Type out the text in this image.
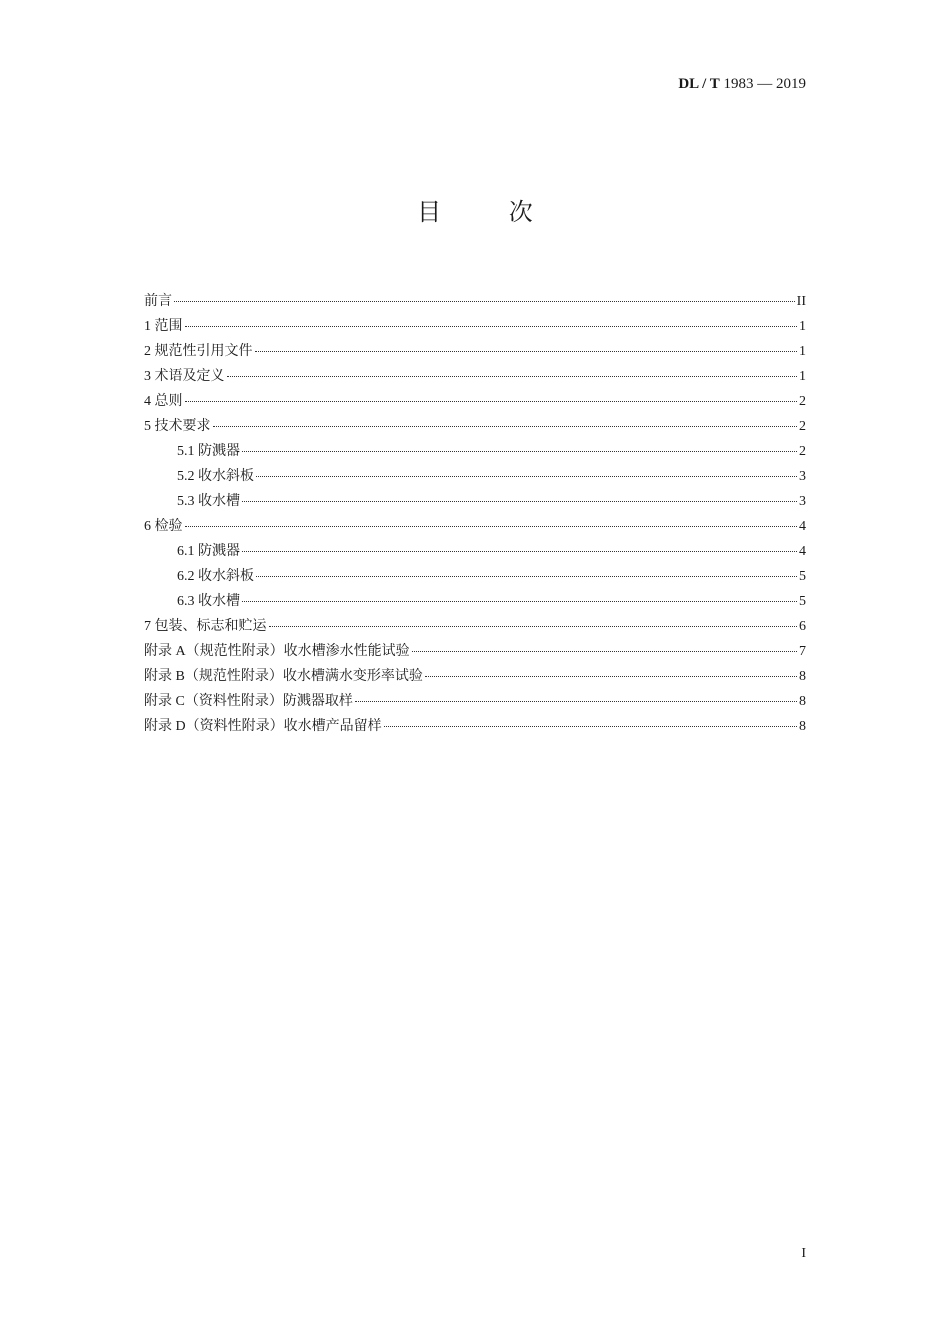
DL / T 1983 — 2019
目 次
前言	II
1 范围	1
2 规范性引用文件	1
3 术语及定义	1
4 总则	2
5 技术要求	2
5.1 防溅器	2
5.2 收水斜板	3
5.3 收水槽	3
6 检验	4
6.1 防溅器	4
6.2 收水斜板	5
6.3 收水槽	5
7 包装、标志和贮运	6
附录 A（规范性附录）收水槽渗水性能试验	7
附录 B（规范性附录）收水槽满水变形率试验	8
附录 C（资料性附录）防溅器取样	8
附录 D（资料性附录）收水槽产品留样	8
I
